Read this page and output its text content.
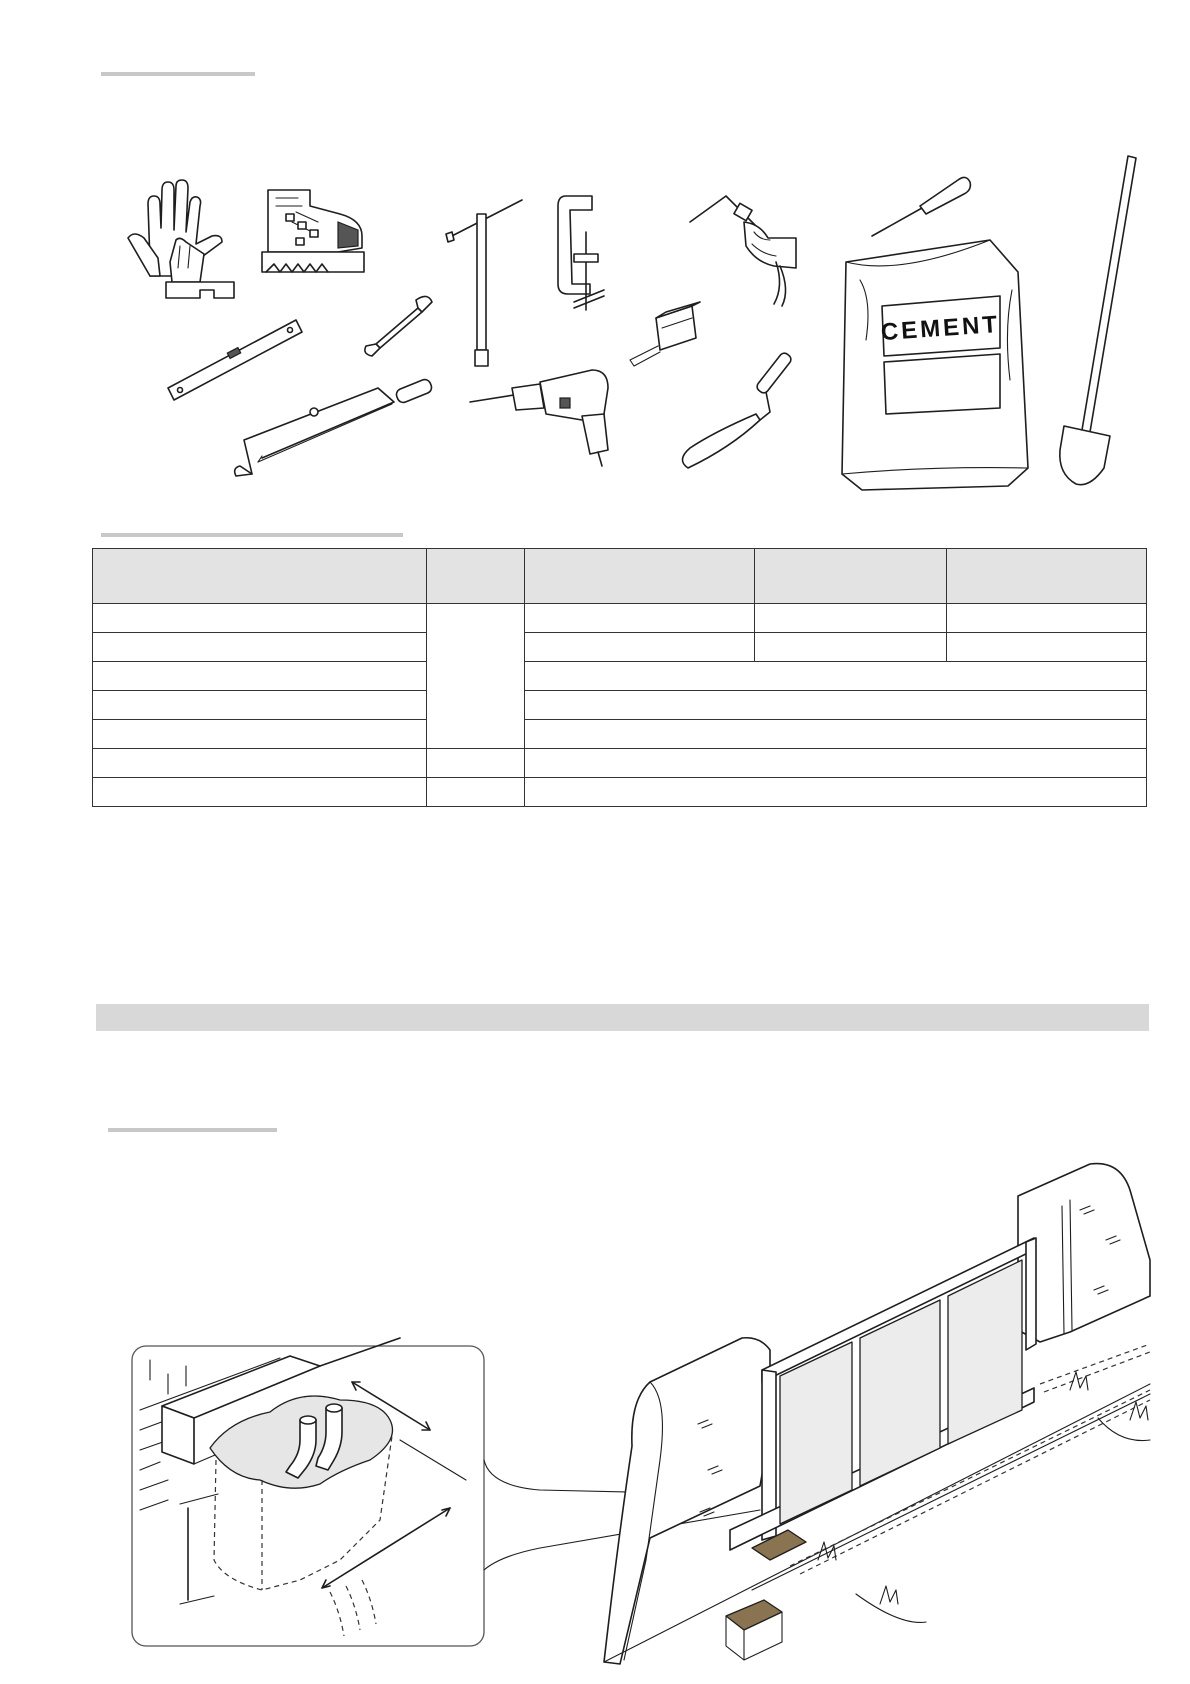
CEMENT
